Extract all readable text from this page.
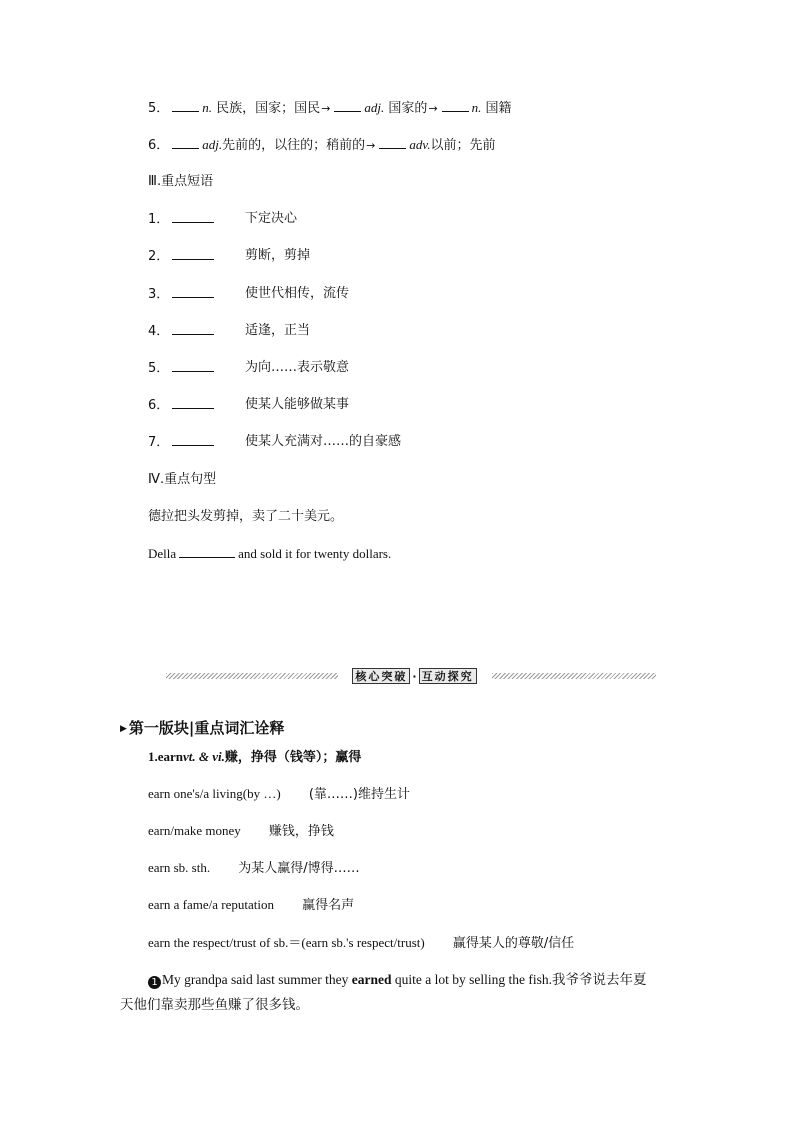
5．	n. 民族，国家；国民→	adj. 国家的→	n. 国籍
6．	adj.先前的，以往的；稍前的→	adv.以前；先前
Ⅲ.重点短语
1．	下定决心
2．	剪断，剪掉
3．	使世代相传，流传
4．	适逢，正当
5．	为向……表示敬意
6．	使某人能够做某事
7．	使某人充满对……的自豪感
Ⅳ.重点句型
德拉把头发剪掉，卖了二十美元。
Della	and sold it for twenty dollars.
核 心 突 破 · 互 动 探 究
▶ 第一版块|重点词汇诠释
1.earnvt. & vi.赚，挣得（钱等）；赢得
earn one's/a living(by …) (靠……)维持生计
earn/make money 赚钱，挣钱
earn sb. sth. 为某人赢得/博得……
earn a fame/a reputation 赢得名声
earn the respect/trust of sb.＝(earn sb.'s respect/trust) 赢得某人的尊敬/信任
1 My grandpa said last summer they earned quite a lot by selling the fish.我爷爷说去年夏
天他们靠卖那些鱼赚了很多钱。
